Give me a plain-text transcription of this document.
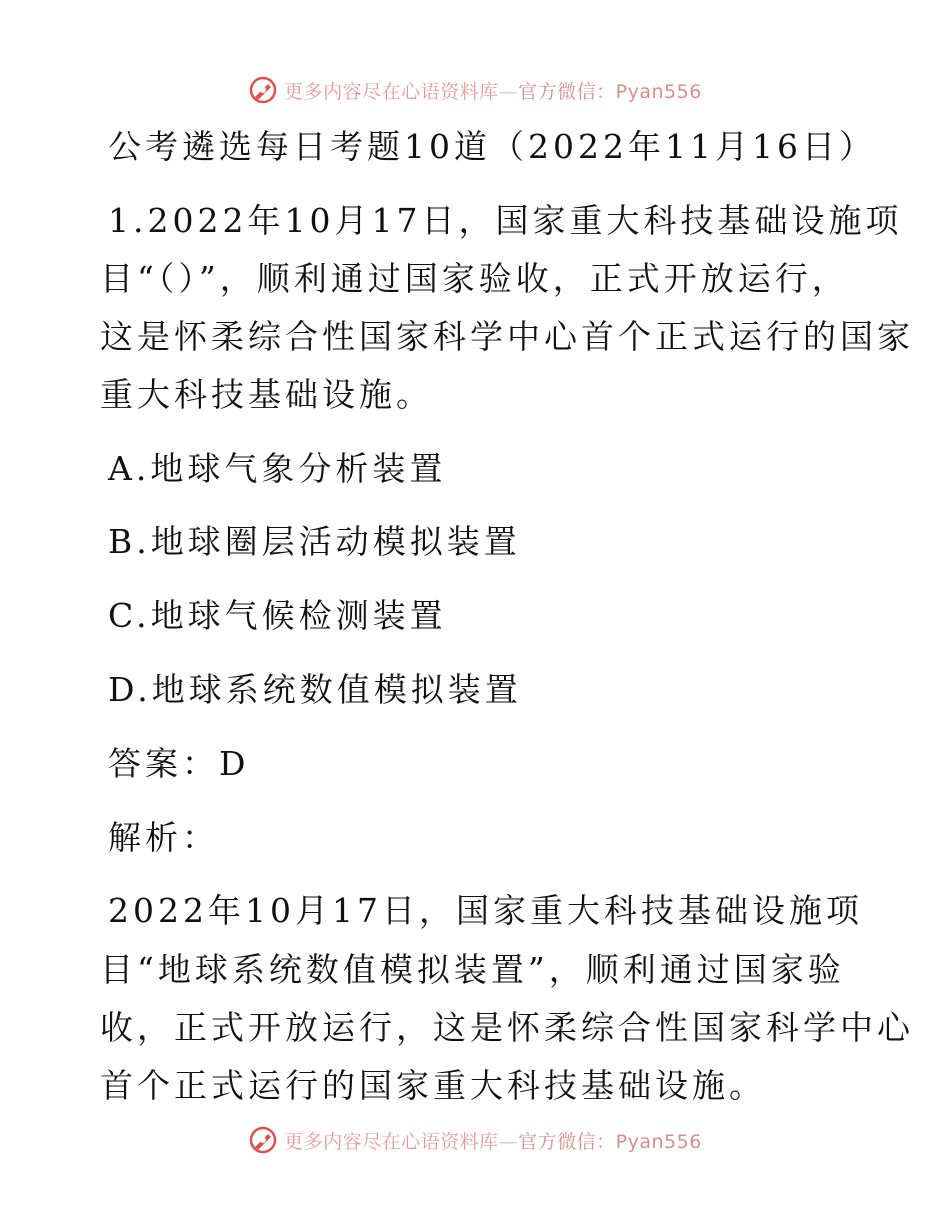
更多内容尽在心语资料库—官方微信：Pyan556
公考遴选每日考题10道（2022年11月16日）
1.2022年10月17日，国家重大科技基础设施项
目“（）”，顺利通过国家验收，正式开放运行，
这是怀柔综合性国家科学中心首个正式运行的国家
重大科技基础设施。
A.地球气象分析装置
B.地球圈层活动模拟装置
C.地球气候检测装置
D.地球系统数值模拟装置
答案：D
解析：
2022年10月17日，国家重大科技基础设施项
目“地球系统数值模拟装置”，顺利通过国家验
收，正式开放运行，这是怀柔综合性国家科学中心
首个正式运行的国家重大科技基础设施。
更多内容尽在心语资料库—官方微信：Pyan556
